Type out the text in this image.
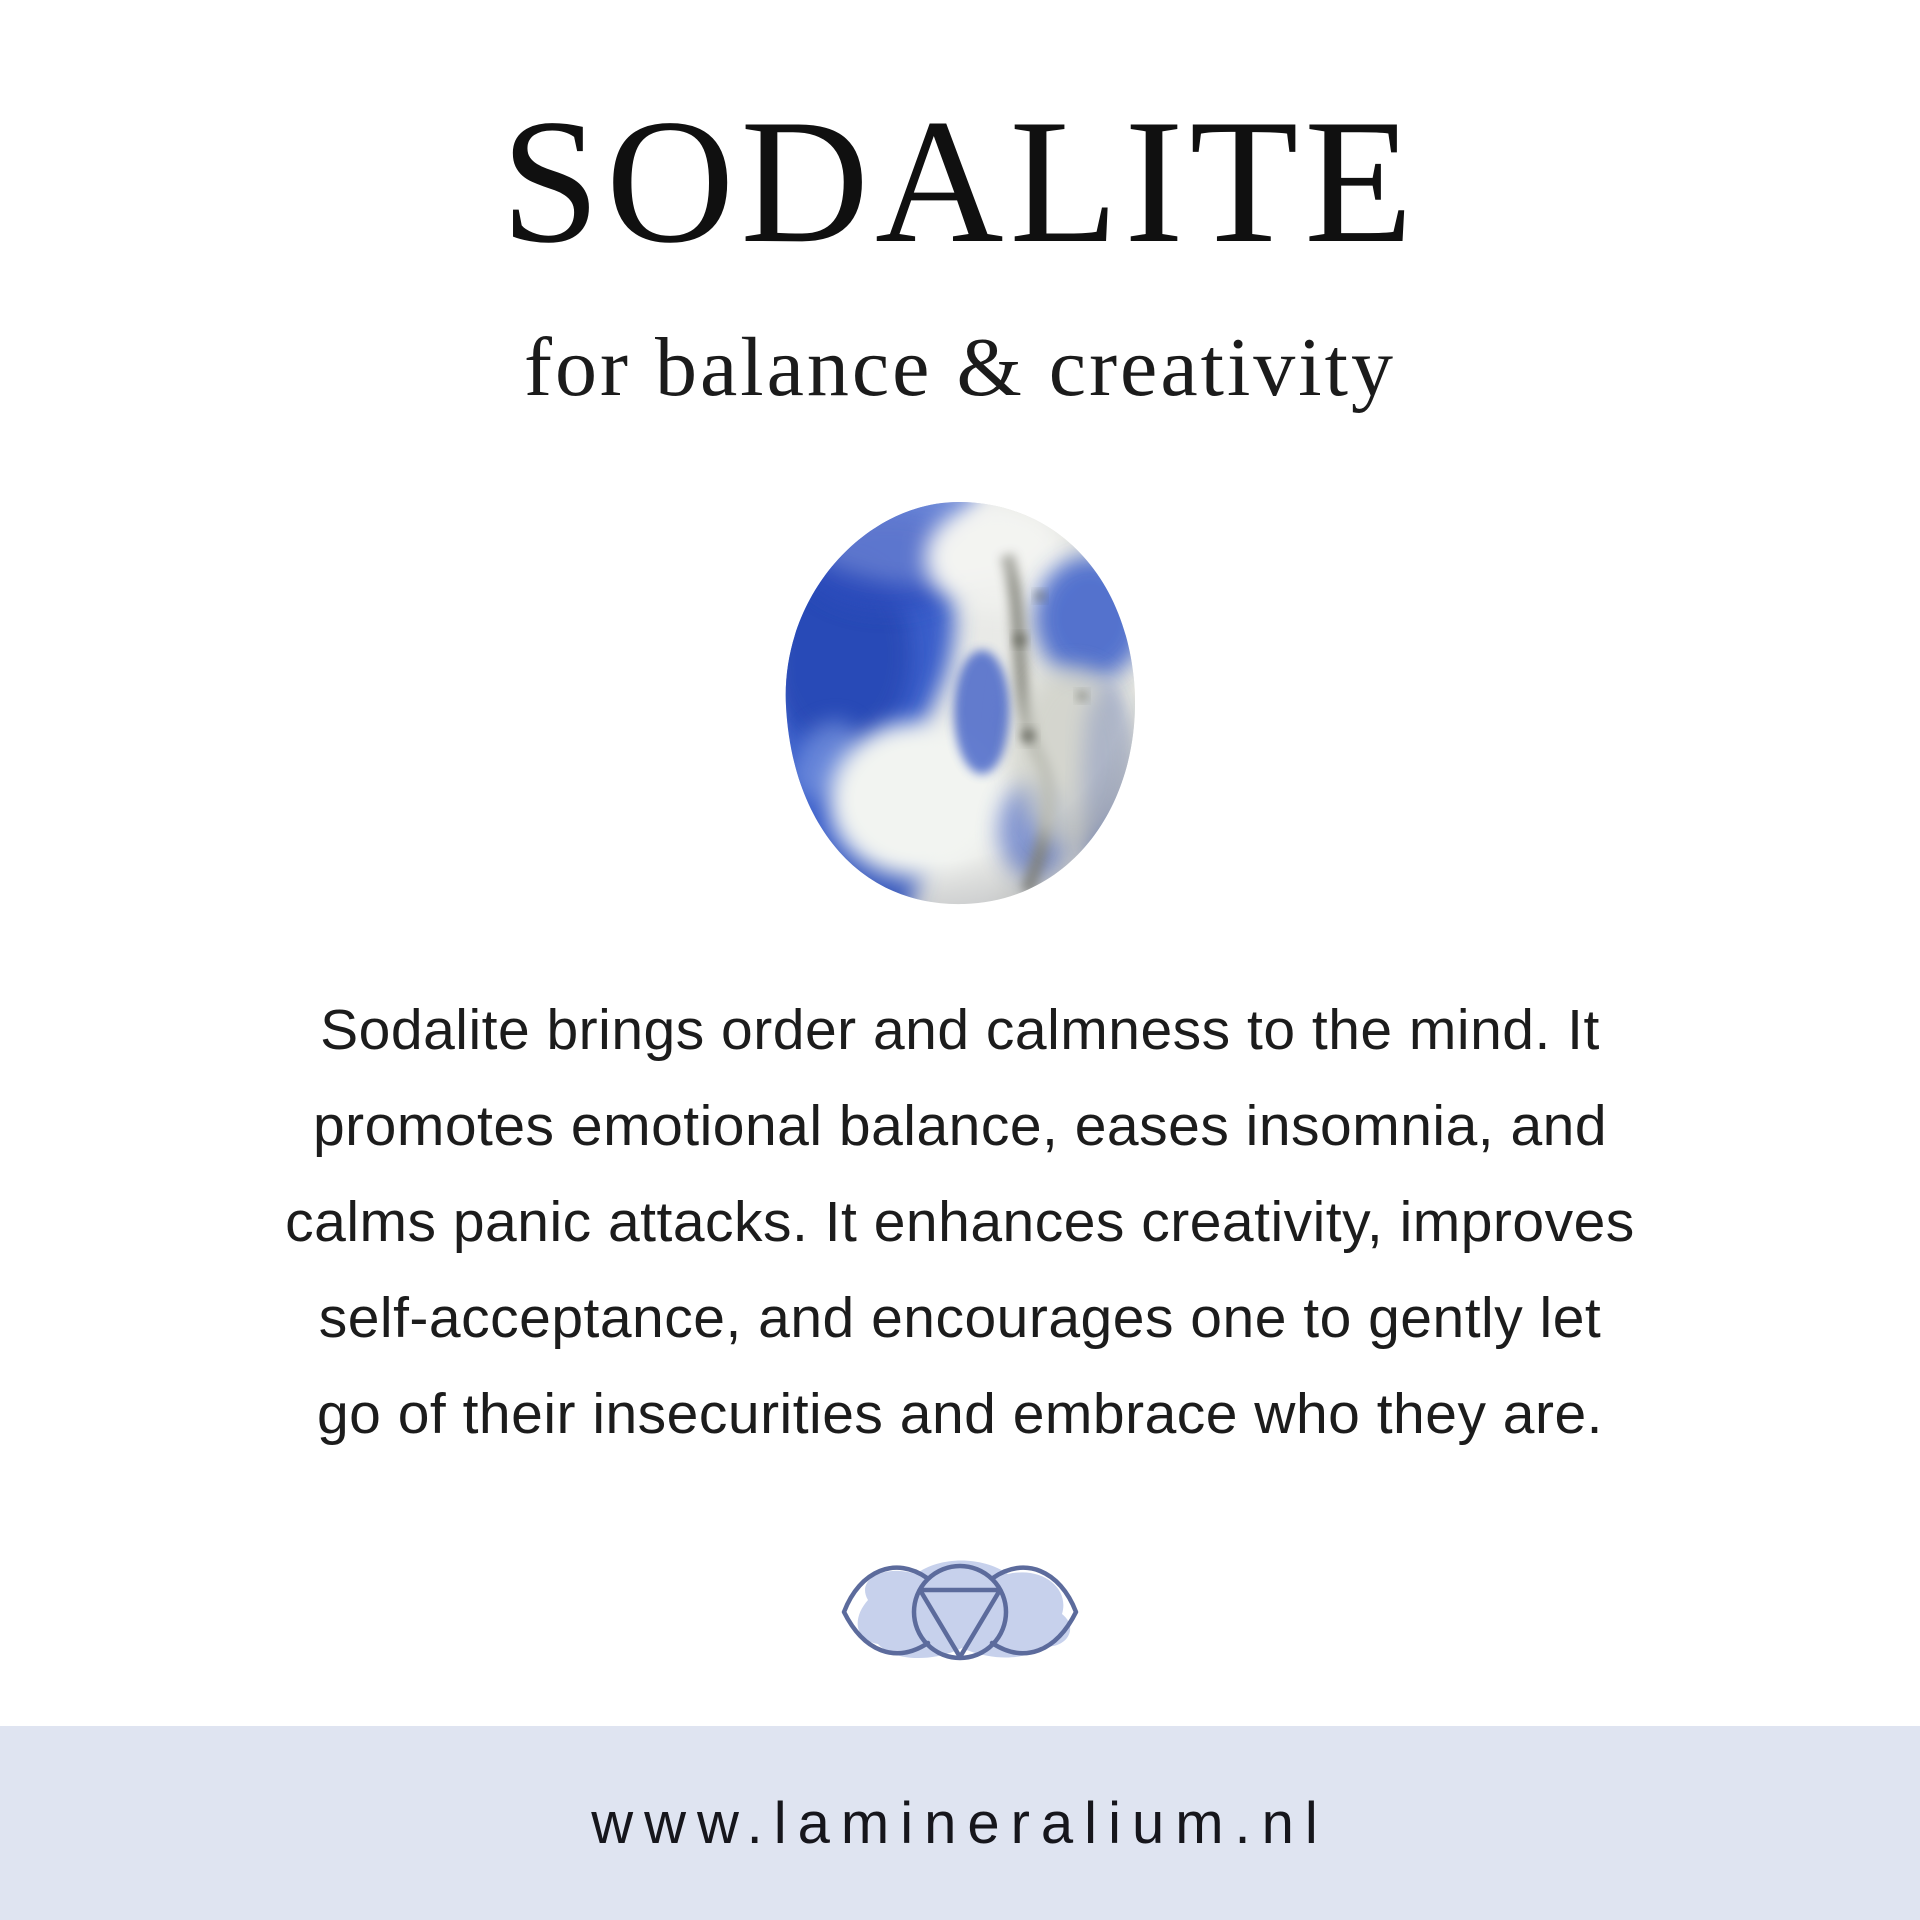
SODALITE
for balance & creativity
Sodalite brings order and calmness to the mind. It
promotes emotional balance, eases insomnia, and
calms panic attacks. It enhances creativity, improves
self-acceptance, and encourages one to gently let
go of their insecurities and embrace who they are.
www.lamineralium.nl
